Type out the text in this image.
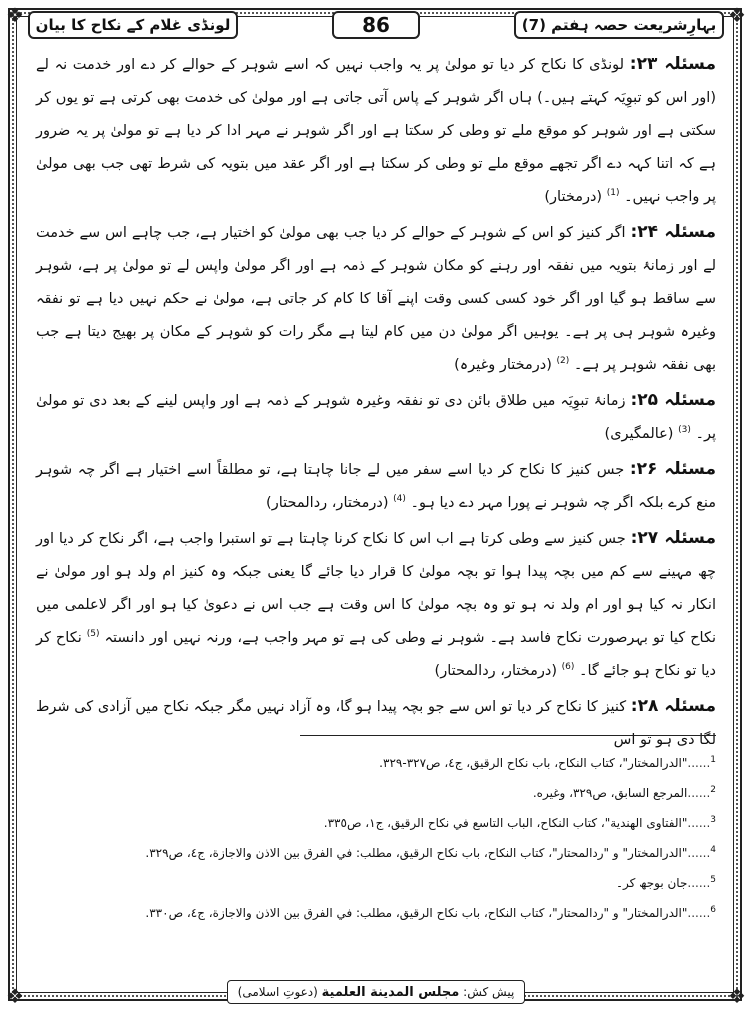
❖	❖
❖	❖
لونڈی غلام کے نکاح کا بیان	86	بہارِشریعت حصہ ہفتم (7)

مسئلہ ۲۳: لونڈی کا نکاح کر دیا تو مولیٰ پر یہ واجب نہیں کہ اسے شوہر کے حوالے کر دے اور خدمت نہ لے (اور اس کو تبوِیَہ کہتے ہیں۔) ہاں اگر شوہر کے پاس آتی جاتی ہے اور مولیٰ کی خدمت بھی کرتی ہے تو یوں کر سکتی ہے اور شوہر کو موقع ملے تو وطی کر سکتا ہے اور اگر شوہر نے مہر ادا کر دیا ہے تو مولیٰ پر یہ ضرور ہے کہ اتنا کہہ دے اگر تجھے موقع ملے تو وطی کر سکتا ہے اور اگر عقد میں بتویہ کی شرط تھی جب بھی مولیٰ پر واجب نہیں۔ $^{(1)}$ (درمختار)

مسئلہ ۲۴: اگر کنیز کو اس کے شوہر کے حوالے کر دیا جب بھی مولیٰ کو اختیار ہے، جب چاہے اس سے خدمت لے اور زمانۂ بتویہ میں نفقہ اور رہنے کو مکان شوہر کے ذمہ ہے اور اگر مولیٰ واپس لے تو مولیٰ پر ہے، شوہر سے ساقط ہو گیا اور اگر خود کسی کسی وقت اپنے آقا کا کام کر جاتی ہے، مولیٰ نے حکم نہیں دیا ہے تو نفقہ وغیرہ شوہر ہی پر ہے۔ یوہیں اگر مولیٰ دن میں کام لیتا ہے مگر رات کو شوہر کے مکان پر بھیج دیتا ہے جب بھی نفقہ شوہر پر ہے۔ $^{(2)}$ (درمختار وغیرہ)

مسئلہ ۲۵: زمانۂ تبوِیَہ میں طلاق بائن دی تو نفقہ وغیرہ شوہر کے ذمہ ہے اور واپس لینے کے بعد دی تو مولیٰ پر۔ $^{(3)}$ (عالمگیری)

مسئلہ ۲۶: جس کنیز کا نکاح کر دیا اسے سفر میں لے جانا چاہتا ہے، تو مطلقاً اسے اختیار ہے اگر چہ شوہر منع کرے بلکہ اگر چہ شوہر نے پورا مہر دے دیا ہو۔ $^{(4)}$ (درمختار، ردالمحتار)

مسئلہ ۲۷: جس کنیز سے وطی کرتا ہے اب اس کا نکاح کرنا چاہتا ہے تو استبرا واجب ہے، اگر نکاح کر دیا اور چھ مہینے سے کم میں بچہ پیدا ہوا تو بچہ مولیٰ کا قرار دیا جائے گا یعنی جبکہ وہ کنیز ام ولد ہو اور مولیٰ نے انکار نہ کیا ہو اور ام ولد نہ ہو تو وہ بچہ مولیٰ کا اس وقت ہے جب اس نے دعویٰ کیا ہو اور اگر لاعلمی میں نکاح کیا تو بہرصورت نکاح فاسد ہے۔ شوہر نے وطی کی ہے تو مہر واجب ہے، ورنہ نہیں اور دانستہ $^{(5)}$ نکاح کر دیا تو نکاح ہو جائے گا۔ $^{(6)}$ (درمختار، ردالمحتار)

مسئلہ ۲۸: کنیز کا نکاح کر دیا تو اس سے جو بچہ پیدا ہو گا، وہ آزاد نہیں مگر جبکہ نکاح میں آزادی کی شرط لگا دی ہو تو اس

$^1$......"الدرالمختار"، كتاب النكاح، باب نكاح الرقيق، ج٤، ص٣٢٧-٣٢٩.
$^2$......المرجع السابق، ص٣٢٩، وغيره.
$^3$......"الفتاوى الهندية"، كتاب النكاح، الباب التاسع في نكاح الرقيق، ج١، ص٣٣٥.
$^4$......"الدرالمختار" و "ردالمحتار"، كتاب النكاح، باب نكاح الرقيق، مطلب: في الفرق بين الاذن والاجازة، ج٤، ص٣٢٩.
$^5$......جان بوجھ کر۔
$^6$......"الدرالمختار" و "ردالمحتار"، كتاب النكاح، باب نكاح الرقيق، مطلب: في الفرق بين الاذن والاجازة، ج٤، ص٣٣٠.
پیش کش: مجلس المدينة العلمية (دعوتِ اسلامی)
